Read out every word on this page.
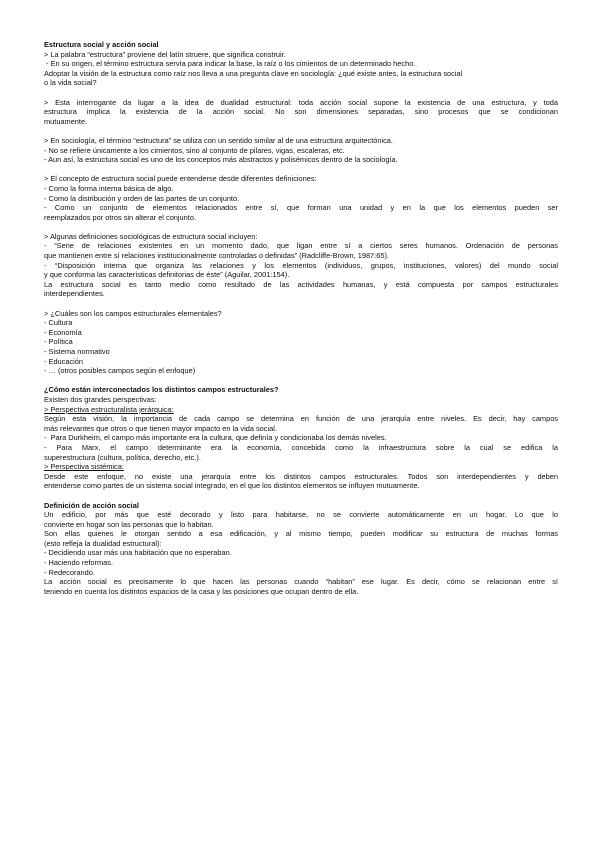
Estructura social y acción social
> La palabra “estructura” proviene del latín struere, que significa construir.
- En su origen, el término estructura servía para indicar la base, la raíz o los cimientos de un determinado hecho.
Adoptar la visión de la estructura como raíz nos lleva a una pregunta clave en sociología: ¿qué existe antes, la estructura social
o la vida social?
> Esta interrogante da lugar a la idea de dualidad estructural: toda acción social supone la existencia de una estructura, y toda
estructura implica la existencia de la acción social. No son dimensiones separadas, sino procesos que se condicionan
mutuamente.
> En sociología, el término “estructura” se utiliza con un sentido similar al de una estructura arquitectónica.
- No se refiere únicamente a los cimientos, sino al conjunto de pilares, vigas, escaleras, etc.
- Aun así, la estructura social es uno de los conceptos más abstractos y polisémicos dentro de la sociología.
> El concepto de estructura social puede entenderse desde diferentes definiciones:
- Como la forma interna básica de algo.
- Como la distribución y orden de las partes de un conjunto.
- Como un conjunto de elementos relacionados entre sí, que forman una unidad y en la que los elementos pueden ser
reemplazados por otros sin alterar el conjunto.
> Algunas definiciones sociológicas de estructura social incluyen:
- “Serie de relaciones existentes en un momento dado, que ligan entre sí a ciertos seres humanos. Ordenación de personas
que mantienen entre sí relaciones institucionalmente controladas o definidas” (Radcliffe-Brown, 1987:65).
- “Disposición interna que organiza las relaciones y los elementos (individuos, grupos, instituciones, valores) del mundo social
y que conforma las características definitorias de éste” (Aguilar, 2001:154).
La estructura social es tanto medio como resultado de las actividades humanas, y está compuesta por campos estructurales
interdependientes.
> ¿Cuáles son los campos estructurales elementales?
- Cultura
- Economía
- Política
- Sistema normativo
- Educación
- … (otros posibles campos según el enfoque)
¿Cómo están interconectados los distintos campos estructurales?
Existen dos grandes perspectivas:
> Perspectiva estructuralista jerárquica:
Según esta visión, la importancia de cada campo se determina en función de una jerarquía entre niveles. Es decir, hay campos
más relevantes que otros o que tienen mayor impacto en la vida social.
-  Para Durkheim, el campo más importante era la cultura, que definía y condicionaba los demás niveles.
- Para Marx, el campo determinante era la economía, concebida como la infraestructura sobre la cual se edifica la
superestructura (cultura, política, derecho, etc.).
> Perspectiva sistémica:
Desde este enfoque, no existe una jerarquía entre los distintos campos estructurales. Todos son interdependientes y deben
entenderse como partes de un sistema social integrado, en el que los distintos elementos se influyen mutuamente.
Definición de acción social
Un edificio, por más que esté decorado y listo para habitarse, no se convierte automáticamente en un hogar. Lo que lo
convierte en hogar son las personas que lo habitan.
Son ellas quienes le otorgan sentido a esa edificación, y al mismo tiempo, pueden modificar su estructura de muchas formas
(esto refleja la dualidad estructural):
- Decidiendo usar más una habitación que no esperaban.
- Haciendo reformas.
- Redecorando.
La acción social es precisamente lo que hacen las personas cuando “habitan” ese lugar. Es decir, cómo se relacionan entre sí
teniendo en cuenta los distintos espacios de la casa y las posiciones que ocupan dentro de ella.
